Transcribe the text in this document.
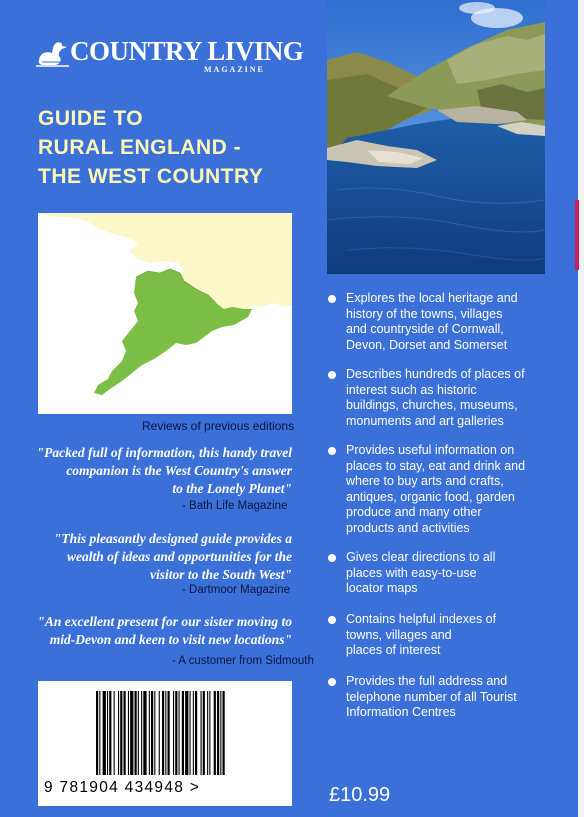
COUNTRY LIVING
MAGAZINE
GUIDE TO
RURAL ENGLAND -
THE WEST COUNTRY
Reviews of previous editions
"Packed full of information, this handy travel
companion is the West Country's answer
to the Lonely Planet"
- Bath Life Magazine
"This pleasantly designed guide provides a
wealth of ideas and opportunities for the
visitor to the South West"
- Dartmoor Magazine
"An excellent present for our sister moving to
mid-Devon and keen to visit new locations"
- A customer from Sidmouth
9 781904 434948 >
Explores the local heritage and
history of the towns, villages
and countryside of Cornwall,
Devon, Dorset and Somerset
Describes hundreds of places of
interest such as historic
buildings, churches, museums,
monuments and art galleries
Provides useful information on
places to stay, eat and drink and
where to buy arts and crafts,
antiques, organic food, garden
produce and many other
products and activities
Gives clear directions to all
places with easy-to-use
locator maps
Contains helpful indexes of
towns, villages and
places of interest
Provides the full address and
telephone number of all Tourist
Information Centres
£10.99
